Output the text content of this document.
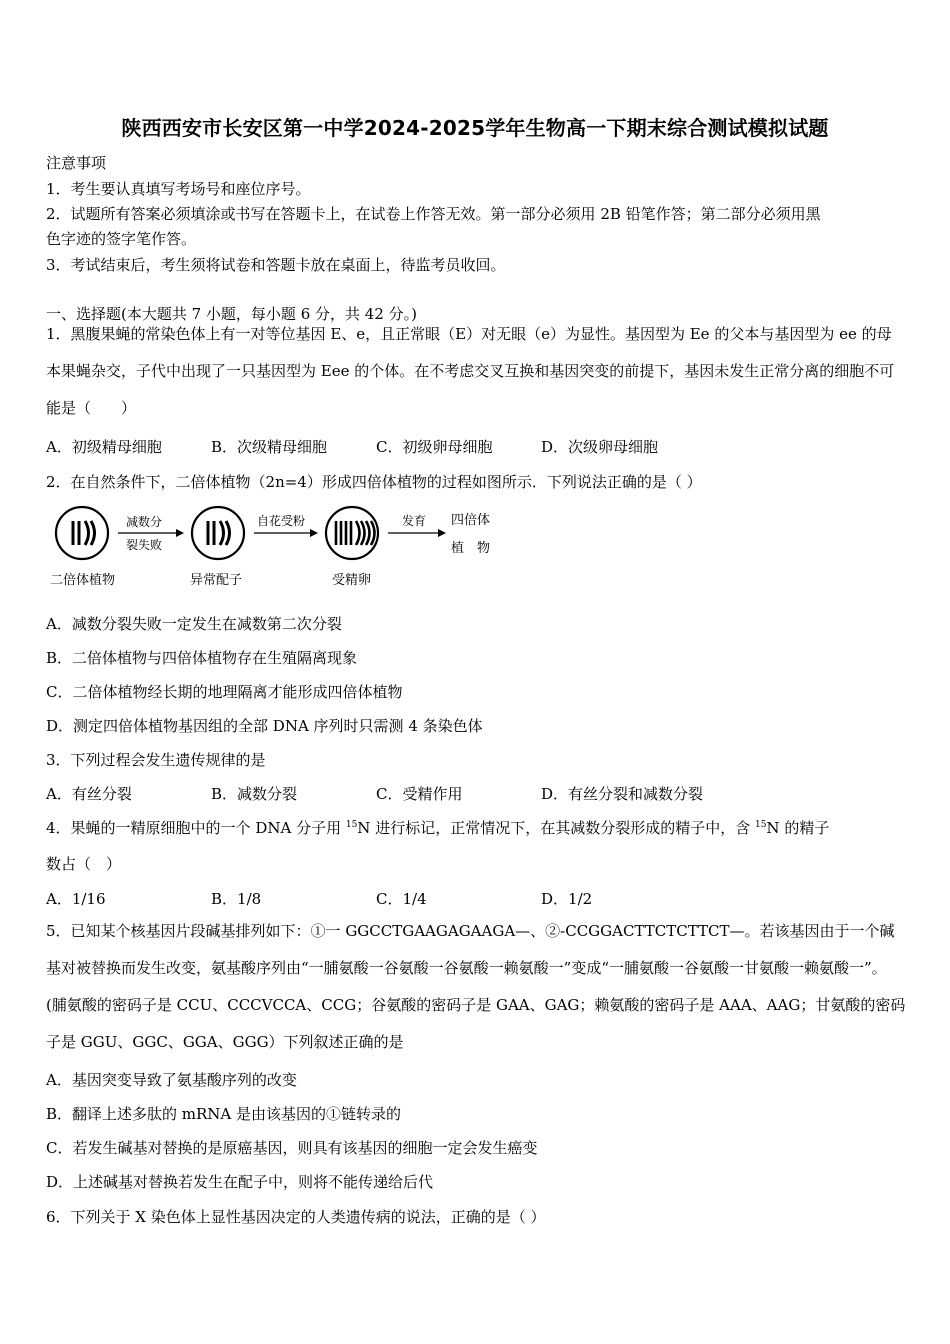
陕西西安市长安区第一中学2024-2025学年生物高一下期末综合测试模拟试题
注意事项
1．考生要认真填写考场号和座位序号。
2．试题所有答案必须填涂或书写在答题卡上，在试卷上作答无效。第一部分必须用 2B 铅笔作答；第二部分必须用黑
色字迹的签字笔作答。
3．考试结束后，考生须将试卷和答题卡放在桌面上，待监考员收回。
一、选择题(本大题共 7 小题，每小题 6 分，共 42 分。)
1．黑腹果蝇的常染色体上有一对等位基因 E、e，且正常眼（E）对无眼（e）为显性。基因型为 Ee 的父本与基因型为 ee 的母本果蝇杂交，子代中出现了一只基因型为 Eee 的个体。在不考虑交叉互换和基因突变的前提下，基因未发生正常分离的细胞不可能是（　　）
A．初级精母细胞	B．次级精母细胞	C．初级卵母细胞	D．次级卵母细胞
2．在自然条件下，二倍体植物（2n=4）形成四倍体植物的过程如图所示．下列说法正确的是（ ）
二倍体植物
减数分
裂失败
异常配子
自花受粉
受精卵
发育 四倍体
植　物
A．减数分裂失败一定发生在减数第二次分裂
B．二倍体植物与四倍体植物存在生殖隔离现象
C．二倍体植物经长期的地理隔离才能形成四倍体植物
D．测定四倍体植物基因组的全部 DNA 序列时只需测 4 条染色体
3．下列过程会发生遗传规律的是
A．有丝分裂	B．减数分裂	C．受精作用	D．有丝分裂和减数分裂
4．果蝇的一精原细胞中的一个 DNA 分子用 $^{15}$N 进行标记，正常情况下，在其减数分裂形成的精子中，含 $^{15}$N 的精子
数占（　）
A．1/16	B．1/8	C．1/4	D．1/2
5．已知某个核基因片段碱基排列如下：①一 GGCCTGAAGAGAAGA—、②-CCGGACTTCTCTTCT—。若该基因由于一个碱基对被替换而发生改变，氨基酸序列由“一脯氨酸一谷氨酸一谷氨酸一赖氨酸一”变成“一脯氨酸一谷氨酸一甘氨酸一赖氨酸一”。(脯氨酸的密码子是 CCU、CCCVCCA、CCG；谷氨酸的密码子是 GAA、GAG；赖氨酸的密码子是 AAA、AAG；甘氨酸的密码子是 GGU、GGC、GGA、GGG）下列叙述正确的是
A．基因突变导致了氨基酸序列的改变
B．翻译上述多肽的 mRNA 是由该基因的①链转录的
C．若发生碱基对替换的是原癌基因，则具有该基因的细胞一定会发生癌变
D．上述碱基对替换若发生在配子中，则将不能传递给后代
6．下列关于 X 染色体上显性基因决定的人类遗传病的说法，正确的是（ ）
